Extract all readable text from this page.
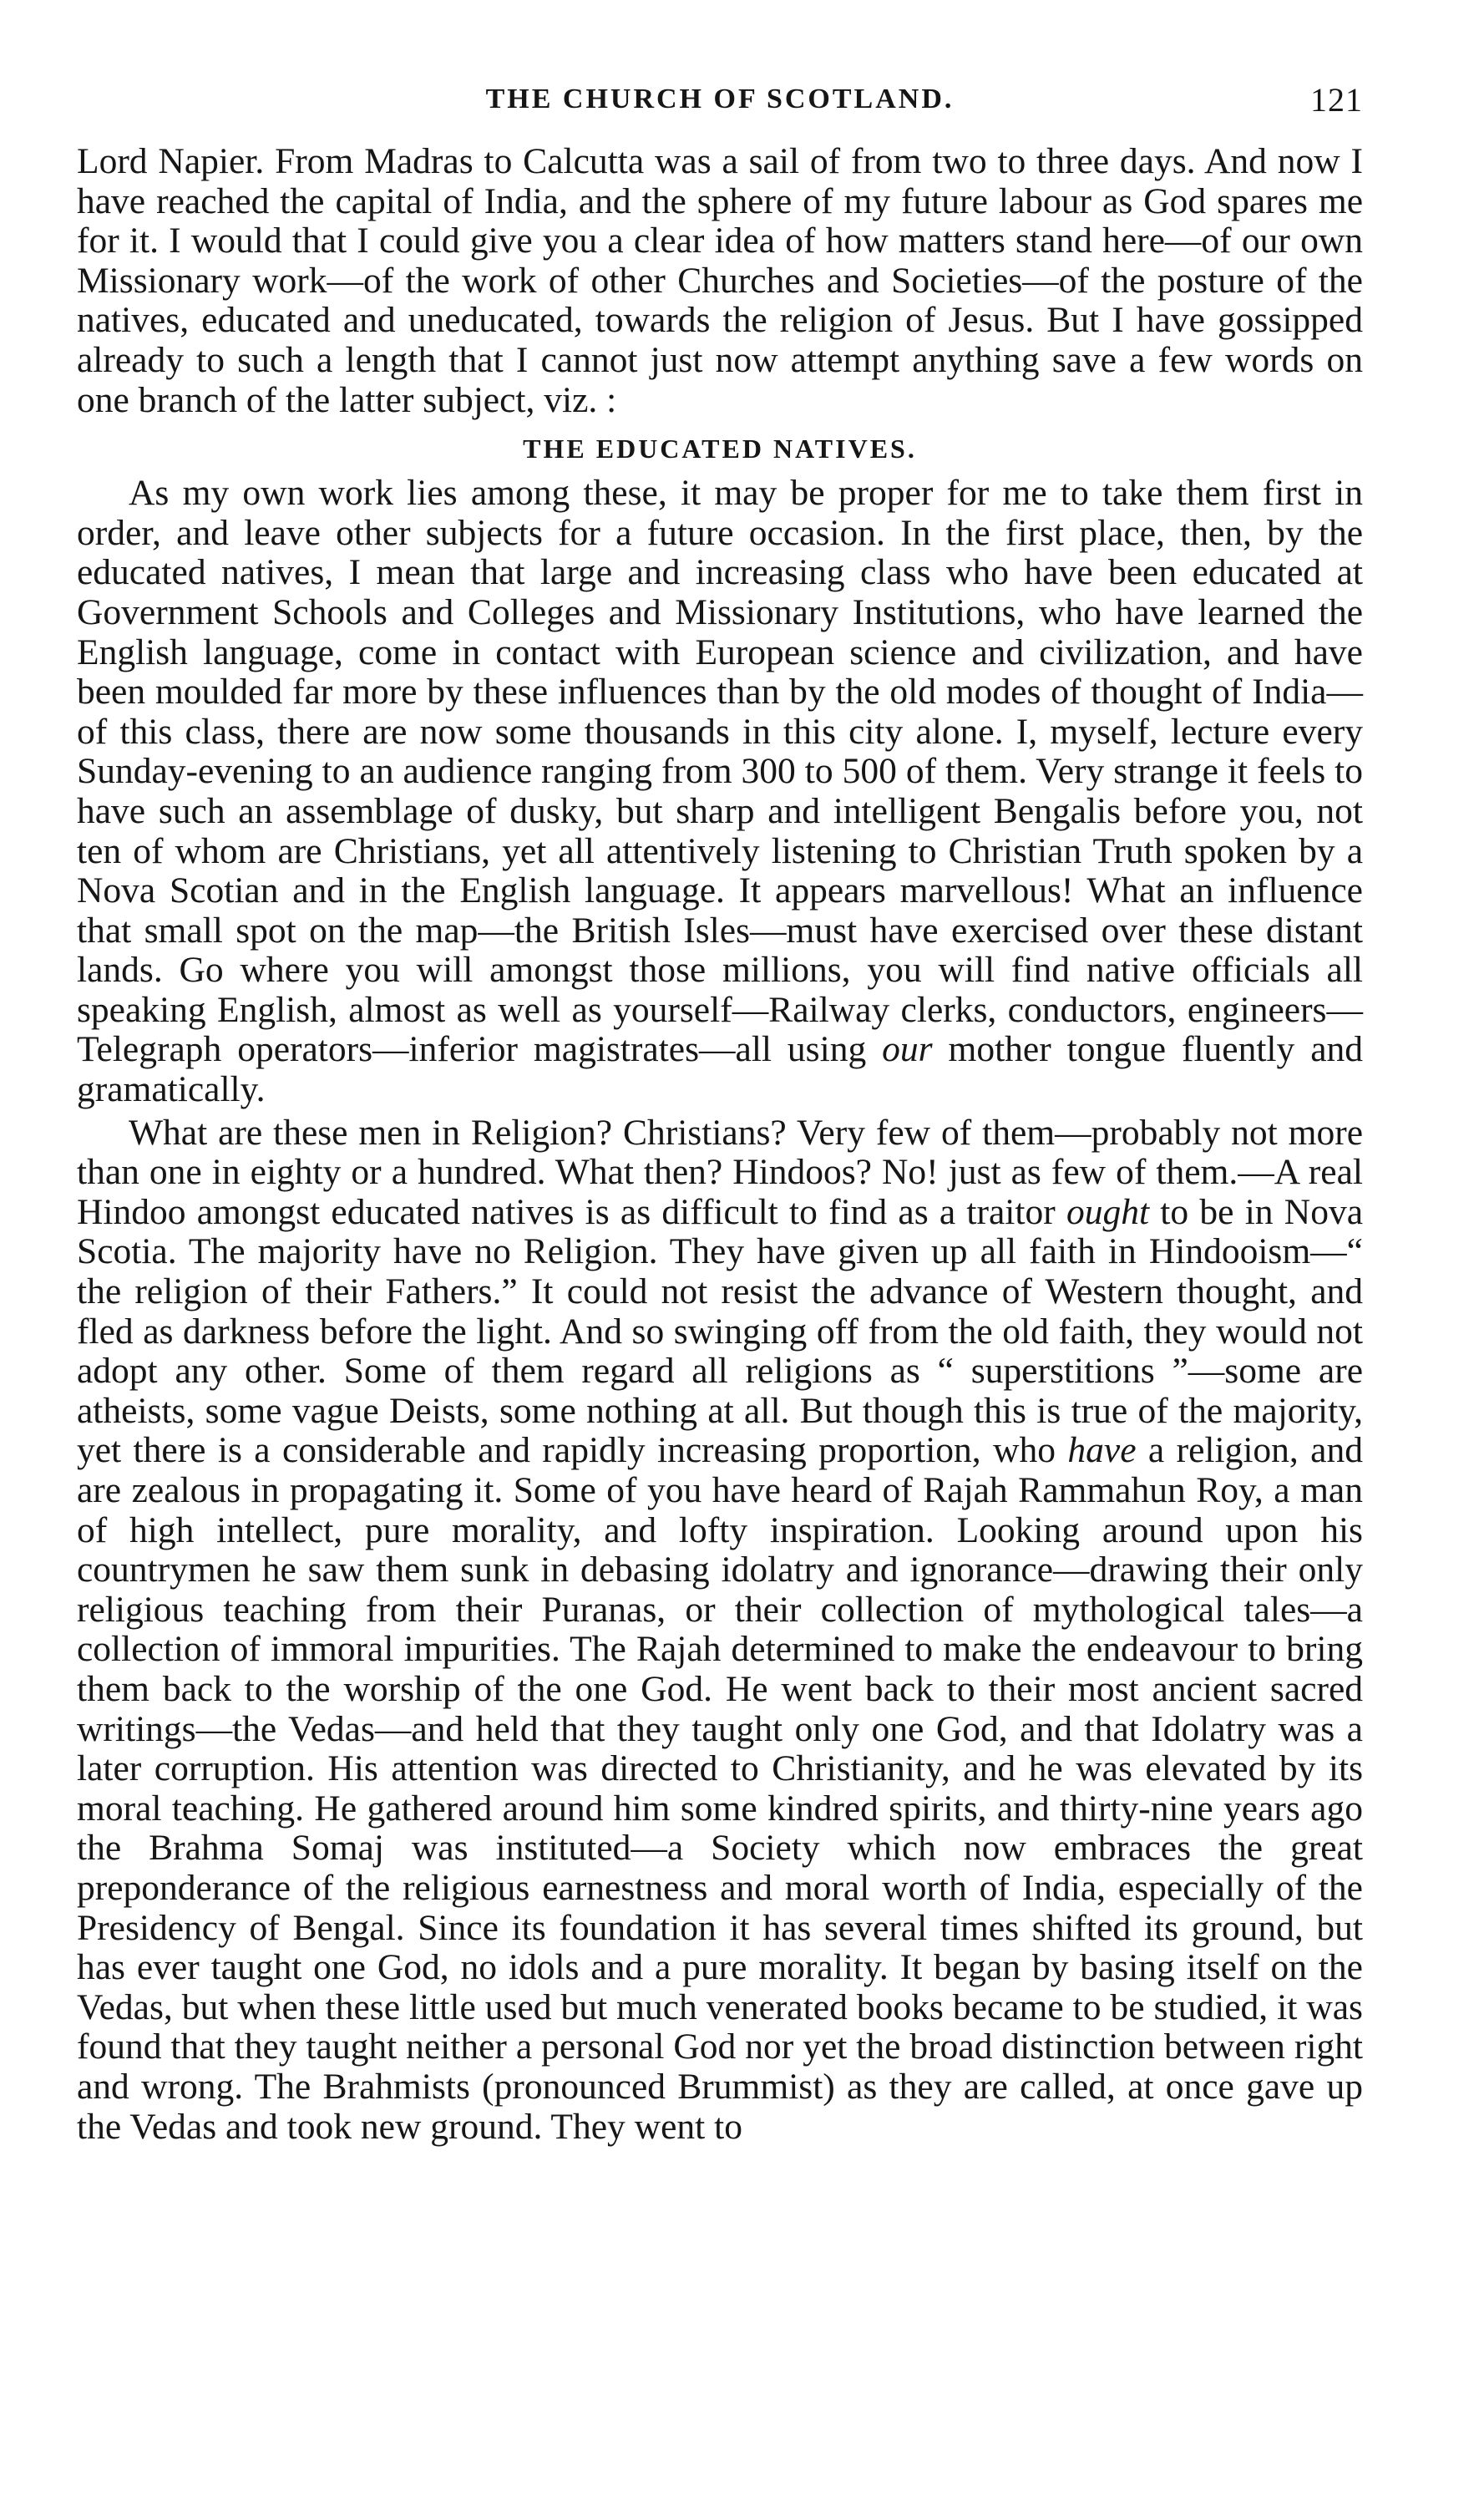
THE CHURCH OF SCOTLAND.	121

Lord Napier. From Madras to Calcutta was a sail of from two to three days. And now I have reached the capital of India, and the sphere of my future labour as God spares me for it. I would that I could give you a clear idea of how matters stand here—of our own Missionary work—of the work of other Churches and Societies—of the posture of the natives, educated and uneducated, towards the religion of Jesus. But I have gossipped already to such a length that I cannot just now attempt anything save a few words on one branch of the latter subject, viz. :

THE EDUCATED NATIVES.

As my own work lies among these, it may be proper for me to take them first in order, and leave other subjects for a future occasion. In the first place, then, by the educated natives, I mean that large and increasing class who have been educated at Government Schools and Colleges and Missionary Institutions, who have learned the English language, come in contact with European science and civilization, and have been moulded far more by these influences than by the old modes of thought of India—of this class, there are now some thousands in this city alone. I, myself, lecture every Sunday-evening to an audience ranging from 300 to 500 of them. Very strange it feels to have such an assemblage of dusky, but sharp and intelligent Bengalis before you, not ten of whom are Christians, yet all attentively listening to Christian Truth spoken by a Nova Scotian and in the English language. It appears marvellous! What an influence that small spot on the map—the British Isles—must have exercised over these distant lands. Go where you will amongst those millions, you will find native officials all speaking English, almost as well as yourself—Railway clerks, conductors, engineers—Telegraph operators—inferior magistrates—all using our mother tongue fluently and gramatically.

What are these men in Religion? Christians? Very few of them—probably not more than one in eighty or a hundred. What then? Hindoos? No! just as few of them.—A real Hindoo amongst educated natives is as difficult to find as a traitor ought to be in Nova Scotia. The majority have no Religion. They have given up all faith in Hindooism—“ the religion of their Fathers.” It could not resist the advance of Western thought, and fled as darkness before the light. And so swinging off from the old faith, they would not adopt any other. Some of them regard all religions as “ superstitions ”—some are atheists, some vague Deists, some nothing at all. But though this is true of the majority, yet there is a considerable and rapidly increasing proportion, who have a religion, and are zealous in propagating it. Some of you have heard of Rajah Rammahun Roy, a man of high intellect, pure morality, and lofty inspiration. Looking around upon his countrymen he saw them sunk in debasing idolatry and ignorance—drawing their only religious teaching from their Puranas, or their collection of mythological tales—a collection of immoral impurities. The Rajah determined to make the endeavour to bring them back to the worship of the one God. He went back to their most ancient sacred writings—the Vedas—and held that they taught only one God, and that Idolatry was a later corruption. His attention was directed to Christianity, and he was elevated by its moral teaching. He gathered around him some kindred spirits, and thirty-nine years ago the Brahma Somaj was instituted—a Society which now embraces the great preponderance of the religious earnestness and moral worth of India, especially of the Presidency of Bengal. Since its foundation it has several times shifted its ground, but has ever taught one God, no idols and a pure morality. It began by basing itself on the Vedas, but when these little used but much venerated books became to be studied, it was found that they taught neither a personal God nor yet the broad distinction between right and wrong. The Brahmists (pronounced Brummist) as they are called, at once gave up the Vedas and took new ground. They went to
